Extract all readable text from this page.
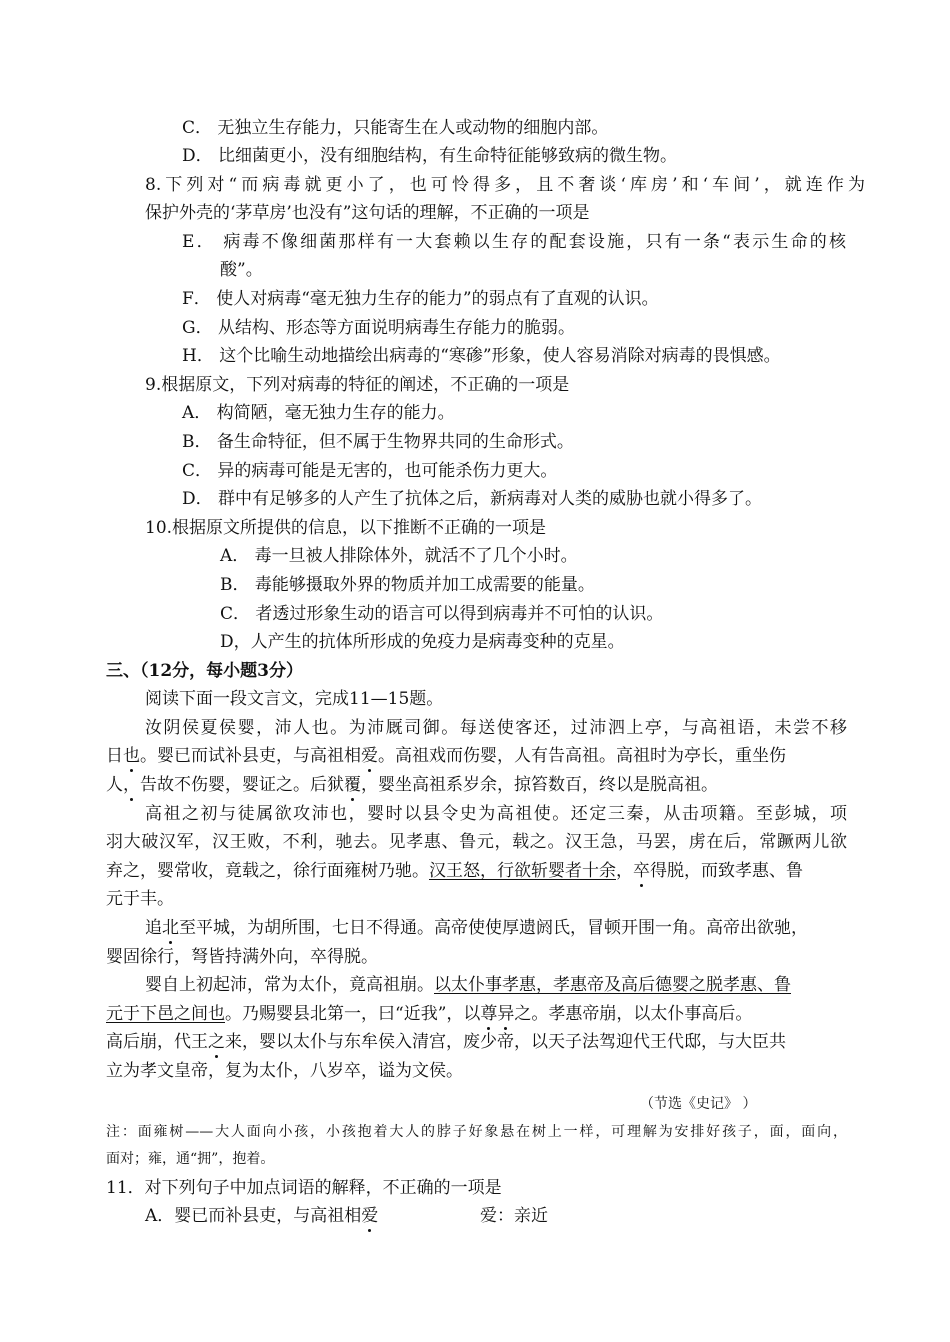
C． 无独立生存能力，只能寄生在人或动物的细胞内部。
D． 比细菌更小，没有细胞结构，有生命特征能够致病的微生物。
8.下列对“而病毒就更小了，也可怜得多，且不奢谈‘库房’和‘车间’，就连作为
保护外壳的‘茅草房’也没有”这句话的理解，不正确的一项是
E． 病毒不像细菌那样有一大套赖以生存的配套设施，只有一条“表示生命的核
酸”。
F． 使人对病毒“毫无独力生存的能力”的弱点有了直观的认识。
G． 从结构、形态等方面说明病毒生存能力的脆弱。
H． 这个比喻生动地描绘出病毒的“寒碜”形象，使人容易消除对病毒的畏惧感。
9.根据原文，下列对病毒的特征的阐述，不正确的一项是
A． 构简陋，毫无独力生存的能力。
B． 备生命特征，但不属于生物界共同的生命形式。
C． 异的病毒可能是无害的，也可能杀伤力更大。
D． 群中有足够多的人产生了抗体之后，新病毒对人类的威胁也就小得多了。
10.根据原文所提供的信息，以下推断不正确的一项是
A． 毒一旦被人排除体外，就活不了几个小时。
B． 毒能够摄取外界的物质并加工成需要的能量。
C． 者透过形象生动的语言可以得到病毒并不可怕的认识。
D，人产生的抗体所形成的免疫力是病毒变种的克星。
三、（12分，每小题3分）
阅读下面一段文言文，完成11—15题。
汝阴侯夏侯婴，沛人也。为沛厩司御。每送使客还，过沛泗上亭，与高祖语，未尝不移
日也。婴已而试补县吏，与高祖相爱。高祖戏而伤婴，人有告高祖。高祖时为亭长，重坐伤
人，告故不伤婴，婴证之。后狱覆，婴坐高祖系岁余，掠笞数百，终以是脱高祖。
高祖之初与徒属欲攻沛也，婴时以县令史为高祖使。还定三秦，从击项籍。至彭城，项
羽大破汉军，汉王败，不利，驰去。见孝惠、鲁元，载之。汉王急，马罢，虏在后，常蹶两儿欲
弃之，婴常收，竟载之，徐行面雍树乃驰。汉王怒，行欲斩婴者十余，卒得脱，而致孝惠、鲁
元于丰。
追北至平城，为胡所围，七日不得通。高帝使使厚遗阏氏，冒顿开围一角。高帝出欲驰，
婴固徐行，弩皆持满外向，卒得脱。
婴自上初起沛，常为太仆，竟高祖崩。以太仆事孝惠，孝惠帝及高后德婴之脱孝惠、鲁
元于下邑之间也。乃赐婴县北第一，曰“近我”，以尊异之。孝惠帝崩，以太仆事高后。
高后崩，代王之来，婴以太仆与东牟侯入清宫，废少帝，以天子法驾迎代王代邸，与大臣共
立为孝文皇帝，复为太仆，八岁卒，谥为文侯。
（节选《史记》 ）
注：面雍树——大人面向小孩，小孩抱着大人的脖子好象悬在树上一样，可理解为安排好孩子，面，面向，
面对；雍，通“拥”，抱着。
11．对下列句子中加点词语的解释，不正确的一项是
A．婴已而补县吏，与高祖相爱	爱：亲近
